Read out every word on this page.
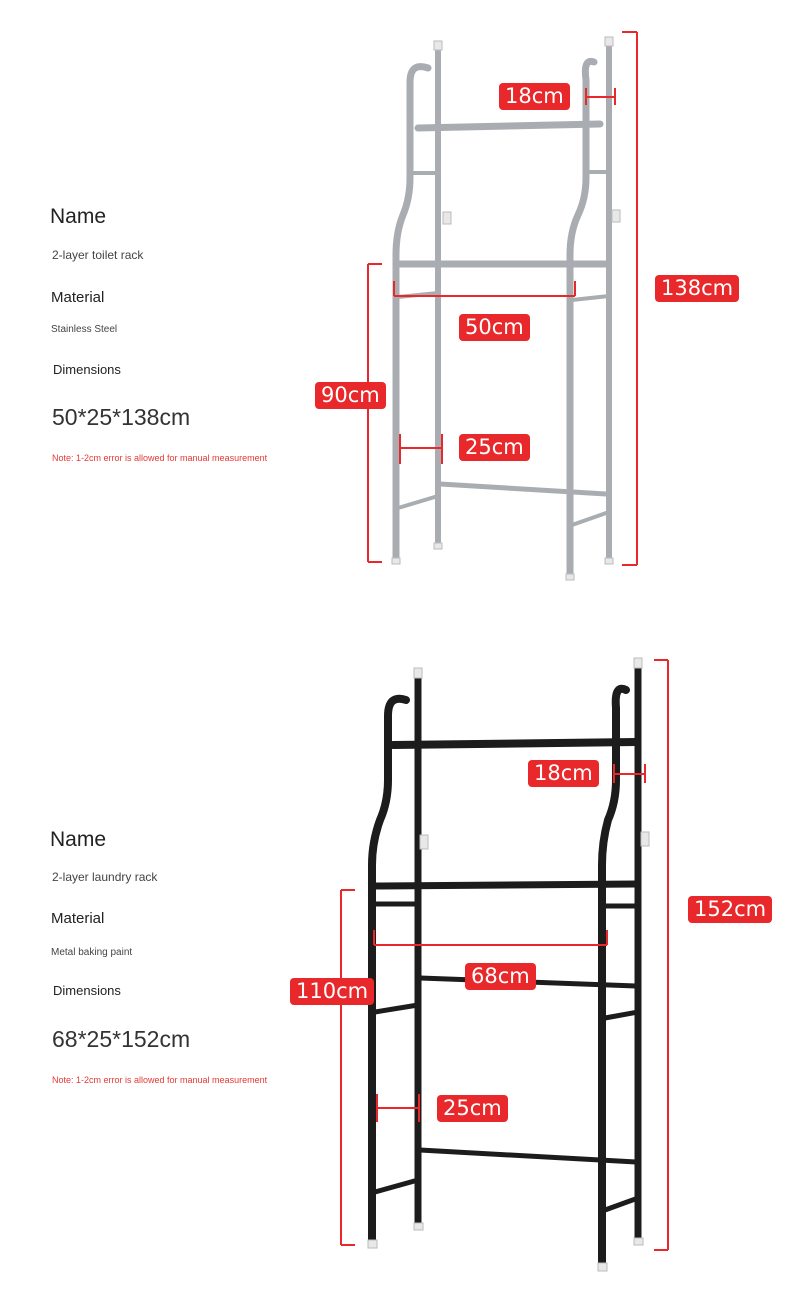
Name
2-layer toilet rack
Material
Stainless Steel
Dimensions
50*25*138cm
Note: 1-2cm error is allowed for manual measurement
18cm
138cm
50cm
90cm
25cm
Name
2-layer laundry rack
Material
Metal baking paint
Dimensions
68*25*152cm
Note: 1-2cm error is allowed for manual measurement
18cm
152cm
68cm
110cm
25cm
